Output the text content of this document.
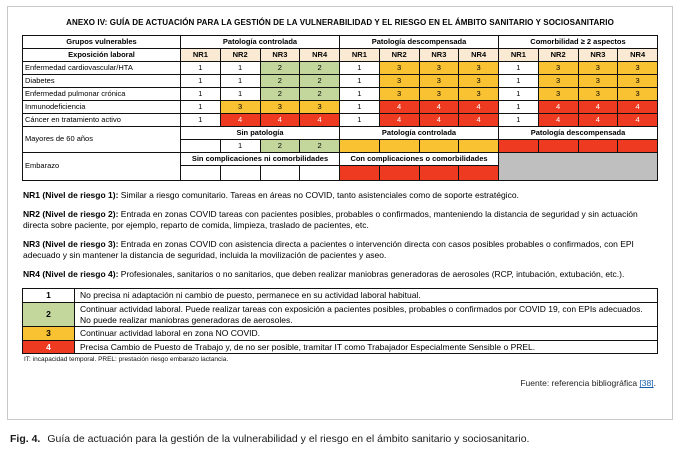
ANEXO IV: GUÍA DE ACTUACIÓN PARA LA GESTIÓN DE LA VULNERABILIDAD Y EL RIESGO EN EL ÁMBITO SANITARIO Y SOCIOSANITARIO
Grupos vulnerables	Patología controlada				Patología descompensada				Comorbilidad ≥ 2 aspectos			
Exposición laboral	NR1	NR2	NR3	NR4	NR1	NR2	NR3	NR4	NR1	NR2	NR3	NR4
Enfermedad cardiovascular/HTA	1	1	2	2	1	3	3	3	1	3	3	3
Diabetes	1	1	2	2	1	3	3	3	1	3	3	3
Enfermedad pulmonar crónica	1	1	2	2	1	3	3	3	1	3	3	3
Inmunodeficiencia	1	3	3	3	1	4	4	4	1	4	4	4
Cáncer en tratamiento activo	1	4	4	4	1	4	4	4	1	4	4	4
Mayores de 60 años	Sin patología				Patología controlada				Patología descompensada			
		1	2	2								
Embarazo	Sin complicaciones ni comorbilidades				Con complicaciones o comorbilidades							

NR1 (Nivel de riesgo 1): Similar a riesgo comunitario. Tareas en áreas no COVID, tanto asistenciales como de soporte estratégico.

NR2 (Nivel de riesgo 2): Entrada en zonas COVID tareas con pacientes posibles, probables o confirmados, manteniendo la distancia de seguridad y sin actuación directa sobre paciente, por ejemplo, reparto de comida, limpieza, traslado de pacientes, etc.

NR3 (Nivel de riesgo 3): Entrada en zonas COVID con asistencia directa a pacientes o intervención directa con casos posibles probables o confirmados, con EPI adecuado y sin mantener la distancia de seguridad, incluida la movilización de pacientes y aseo.

NR4 (Nivel de riesgo 4): Profesionales, sanitarios o no sanitarios, que deben realizar maniobras generadoras de aerosoles (RCP, intubación, extubación, etc.).

1	No precisa ni adaptación ni cambio de puesto, permanece en su actividad laboral habitual.
2	Continuar actividad laboral. Puede realizar tareas con exposición a pacientes posibles, probables o confirmados por COVID 19, con EPIs adecuados. No puede realizar maniobras generadoras de aerosoles.
3	Continuar actividad laboral en zona NO COVID.
4	Precisa Cambio de Puesto de Trabajo y, de no ser posible, tramitar IT como Trabajador Especialmente Sensible o PREL.
IT: incapacidad temporal. PREL: prestación riesgo embarazo lactancia.
Fuente: referencia bibliográfica [38].
Fig. 4. Guía de actuación para la gestión de la vulnerabilidad y el riesgo en el ámbito sanitario y sociosanitario.
